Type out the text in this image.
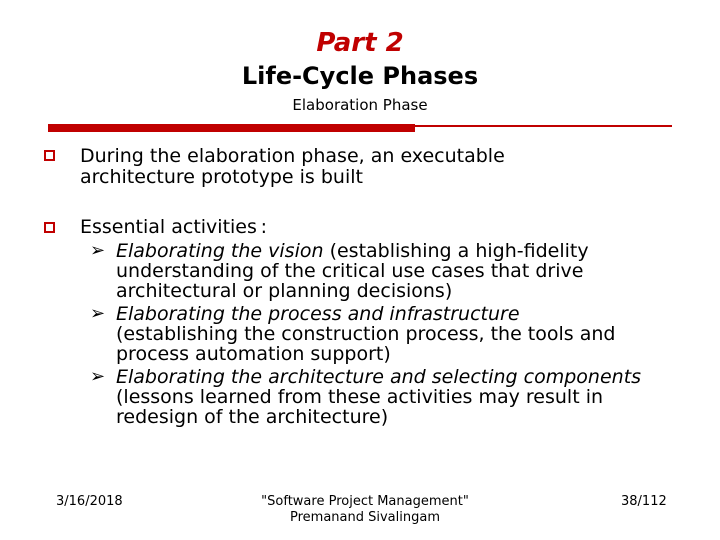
Part 2
Life-Cycle Phases
Elaboration Phase
During the elaboration phase, an executable
architecture prototype is built
Essential activities :
➢ Elaborating the vision (establishing a high-fidelity
understanding of the critical use cases that drive
architectural or planning decisions)
➢ Elaborating the process and infrastructure
(establishing the construction process, the tools and
process automation support)
➢ Elaborating the architecture and selecting components
(lessons learned from these activities may result in
redesign of the architecture)
3/16/2018	"Software Project Management"
Premanand Sivalingam
38/112
